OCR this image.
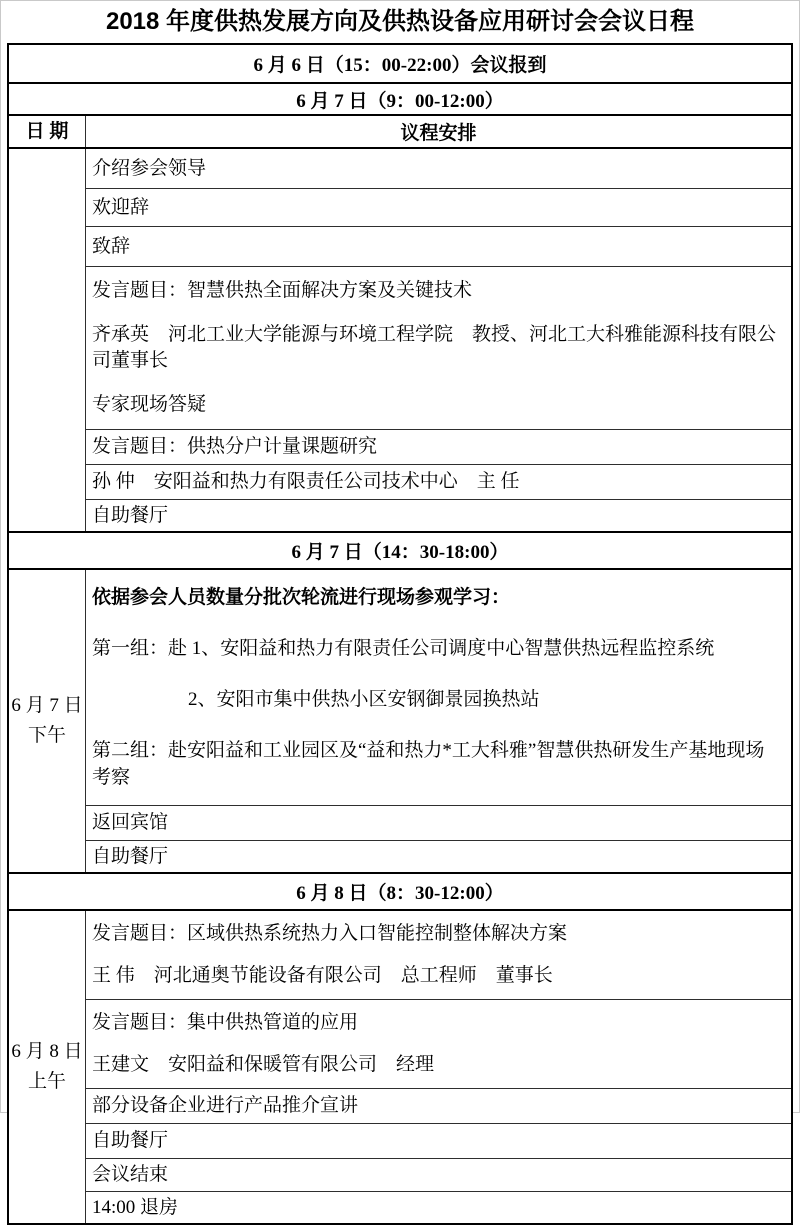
2018 年度供热发展方向及供热设备应用研讨会会议日程
6 月 6 日（15：00-22:00）会议报到
6 月 7 日（9：00-12:00）
日 期	议程安排

介绍参会领导

欢迎辞

致辞

发言题目：智慧供热全面解决方案及关键技术

齐承英　河北工业大学能源与环境工程学院　教授、河北工大科雅能源科技有限公司董事长

专家现场答疑

发言题目：供热分户计量课题研究

孙 仲　安阳益和热力有限责任公司技术中心　主 任

自助餐厅

6 月 7 日（14：30-18:00）
6 月 7 日
下午

依据参会人员数量分批次轮流进行现场参观学习：

第一组：赴 1、安阳益和热力有限责任公司调度中心智慧供热远程监控系统

2、安阳市集中供热小区安钢御景园换热站

第二组：赴安阳益和工业园区及“益和热力*工大科雅”智慧供热研发生产基地现场考察

返回宾馆

自助餐厅

6 月 8 日（8：30-12:00）
6 月 8 日
上午

发言题目：区域供热系统热力入口智能控制整体解决方案

王 伟　河北通奥节能设备有限公司　总工程师　董事长

发言题目：集中供热管道的应用

王建文　安阳益和保暖管有限公司　经理

部分设备企业进行产品推介宣讲

自助餐厅

会议结束

14:00 退房
